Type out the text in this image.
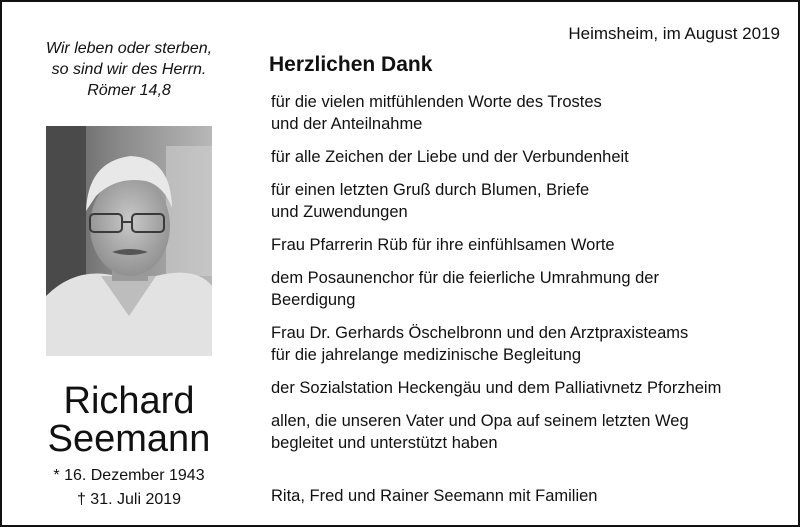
Wir leben oder sterben,
so sind wir des Herrn.
Römer 14,8
Richard
Seemann
* 16. Dezember 1943
† 31. Juli 2019
Heimsheim, im August 2019
Herzlichen Dank
für die vielen mitfühlenden Worte des Trostes
und der Anteilnahme
für alle Zeichen der Liebe und der Verbundenheit
für einen letzten Gruß durch Blumen, Briefe
und Zuwendungen
Frau Pfarrerin Rüb für ihre einfühlsamen Worte
dem Posaunenchor für die feierliche Umrahmung der
Beerdigung
Frau Dr. Gerhards Öschelbronn und den Arztpraxisteams
für die jahrelange medizinische Begleitung
der Sozialstation Heckengäu und dem Palliativnetz Pforzheim
allen, die unseren Vater und Opa auf seinem letzten Weg
begleitet und unterstützt haben
Rita, Fred und Rainer Seemann mit Familien
